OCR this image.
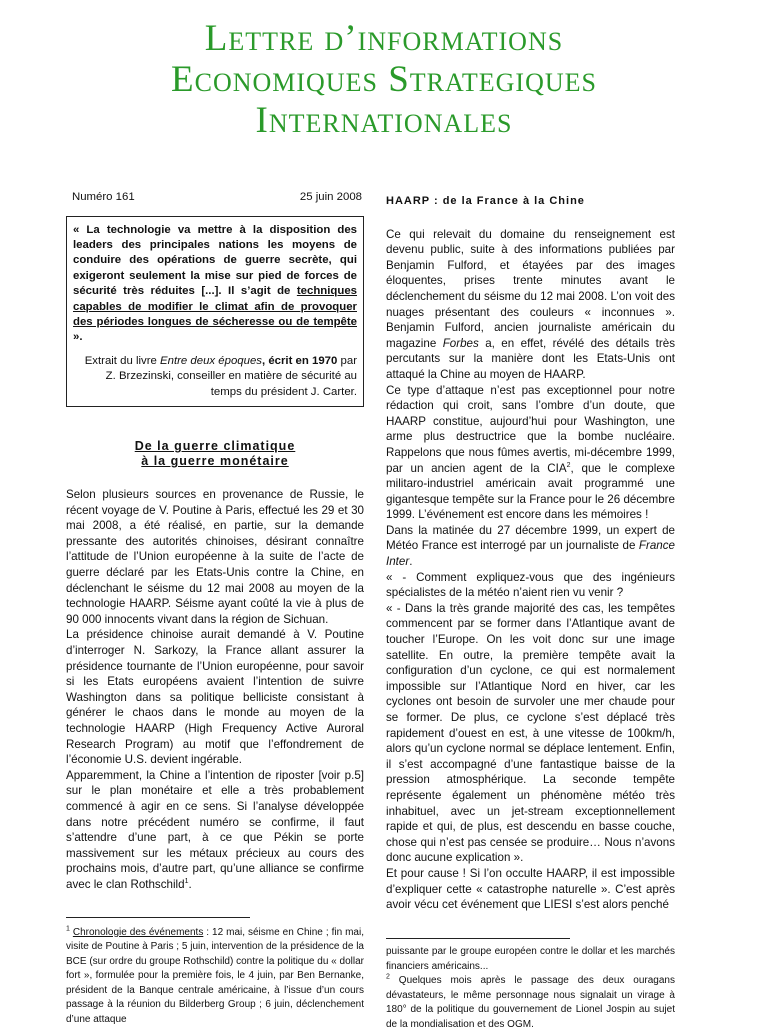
Lettre d’informations
Economiques Strategiques
Internationales
Numéro 161	25 juin 2008
« La technologie va mettre à la disposition des leaders des principales nations les moyens de conduire des opérations de guerre secrète, qui exigeront seulement la mise sur pied de forces de sécurité très réduites [...]. Il s’agit de techniques capables de modifier le climat afin de provoquer des périodes longues de sécheresse ou de tempête ».
Extrait du livre Entre deux époques, écrit en 1970 par Z. Brzezinski, conseiller en matière de sécurité au temps du président J. Carter.
De la guerre climatique
à la guerre monétaire

Selon plusieurs sources en provenance de Russie, le récent voyage de V. Poutine à Paris, effectué les 29 et 30 mai 2008, a été réalisé, en partie, sur la demande pressante des autorités chinoises, désirant connaître l’attitude de l’Union européenne à la suite de l’acte de guerre déclaré par les Etats-Unis contre la Chine, en déclenchant le séisme du 12 mai 2008 au moyen de la technologie HAARP. Séisme ayant coûté la vie à plus de 90 000 innocents vivant dans la région de Sichuan.

La présidence chinoise aurait demandé à V. Poutine d’interroger N. Sarkozy, la France allant assurer la présidence tournante de l’Union européenne, pour savoir si les Etats européens avaient l’intention de suivre Washington dans sa politique belliciste consistant à générer le chaos dans le monde au moyen de la technologie HAARP (High Frequency Active Auroral Research Program) au motif que l’effondrement de l’économie U.S. devient ingérable.

Apparemment, la Chine a l’intention de riposter [voir p.5] sur le plan monétaire et elle a très probablement commencé à agir en ce sens. Si l’analyse développée dans notre précédent numéro se confirme, il faut s’attendre d’une part, à ce que Pékin se porte massivement sur les métaux précieux au cours des prochains mois, d’autre part, qu’une alliance se confirme avec le clan Rothschild$^1$.

$^1$ Chronologie des événements : 12 mai, séisme en Chine ; fin mai, visite de Poutine à Paris ; 5 juin, intervention de la présidence de la BCE (sur ordre du groupe Rothschild) contre la politique du « dollar fort », formulée pour la première fois, le 4 juin, par Ben Bernanke, président de la Banque centrale américaine, à l’issue d’un cours passage à la réunion du Bilderberg Group ; 6 juin, déclenchement d’une attaque
HAARP : de la France à la Chine

Ce qui relevait du domaine du renseignement est devenu public, suite à des informations publiées par Benjamin Fulford, et étayées par des images éloquentes, prises trente minutes avant le déclenchement du séisme du 12 mai 2008. L’on voit des nuages présentant des couleurs « inconnues ». Benjamin Fulford, ancien journaliste américain du magazine Forbes a, en effet, révélé des détails très percutants sur la manière dont les Etats-Unis ont attaqué la Chine au moyen de HAARP.

Ce type d’attaque n’est pas exceptionnel pour notre rédaction qui croit, sans l’ombre d’un doute, que HAARP constitue, aujourd’hui pour Washington, une arme plus destructrice que la bombe nucléaire. Rappelons que nous fûmes avertis, mi-décembre 1999, par un ancien agent de la CIA$^2$, que le complexe militaro-industriel américain avait programmé une gigantesque tempête sur la France pour le 26 décembre 1999. L’événement est encore dans les mémoires !

Dans la matinée du 27 décembre 1999, un expert de Météo France est interrogé par un journaliste de France Inter.

« - Comment expliquez-vous que des ingénieurs spécialistes de la météo n’aient rien vu venir ?

« - Dans la très grande majorité des cas, les tempêtes commencent par se former dans l’Atlantique avant de toucher l’Europe. On les voit donc sur une image satellite. En outre, la première tempête avait la configuration d’un cyclone, ce qui est normalement impossible sur l’Atlantique Nord en hiver, car les cyclones ont besoin de survoler une mer chaude pour se former. De plus, ce cyclone s’est déplacé très rapidement d’ouest en est, à une vitesse de 100km/h, alors qu’un cyclone normal se déplace lentement. Enfin, il s’est accompagné d’une fantastique baisse de la pression atmosphérique. La seconde tempête représente également un phénomène météo très inhabituel, avec un jet-stream exceptionnellement rapide et qui, de plus, est descendu en basse couche, chose qui n’est pas censée se produire… Nous n’avons donc aucune explication ».

Et pour cause ! Si l’on occulte HAARP, il est impossible d’expliquer cette « catastrophe naturelle ». C’est après avoir vécu cet événement que LIESI s’est alors penché

puissante par le groupe européen contre le dollar et les marchés financiers américains...
$^2$ Quelques mois après le passage des deux ouragans dévastateurs, le même personnage nous signalait un virage à 180° de la politique du gouvernement de Lionel Jospin au sujet de la mondialisation et des OGM.
